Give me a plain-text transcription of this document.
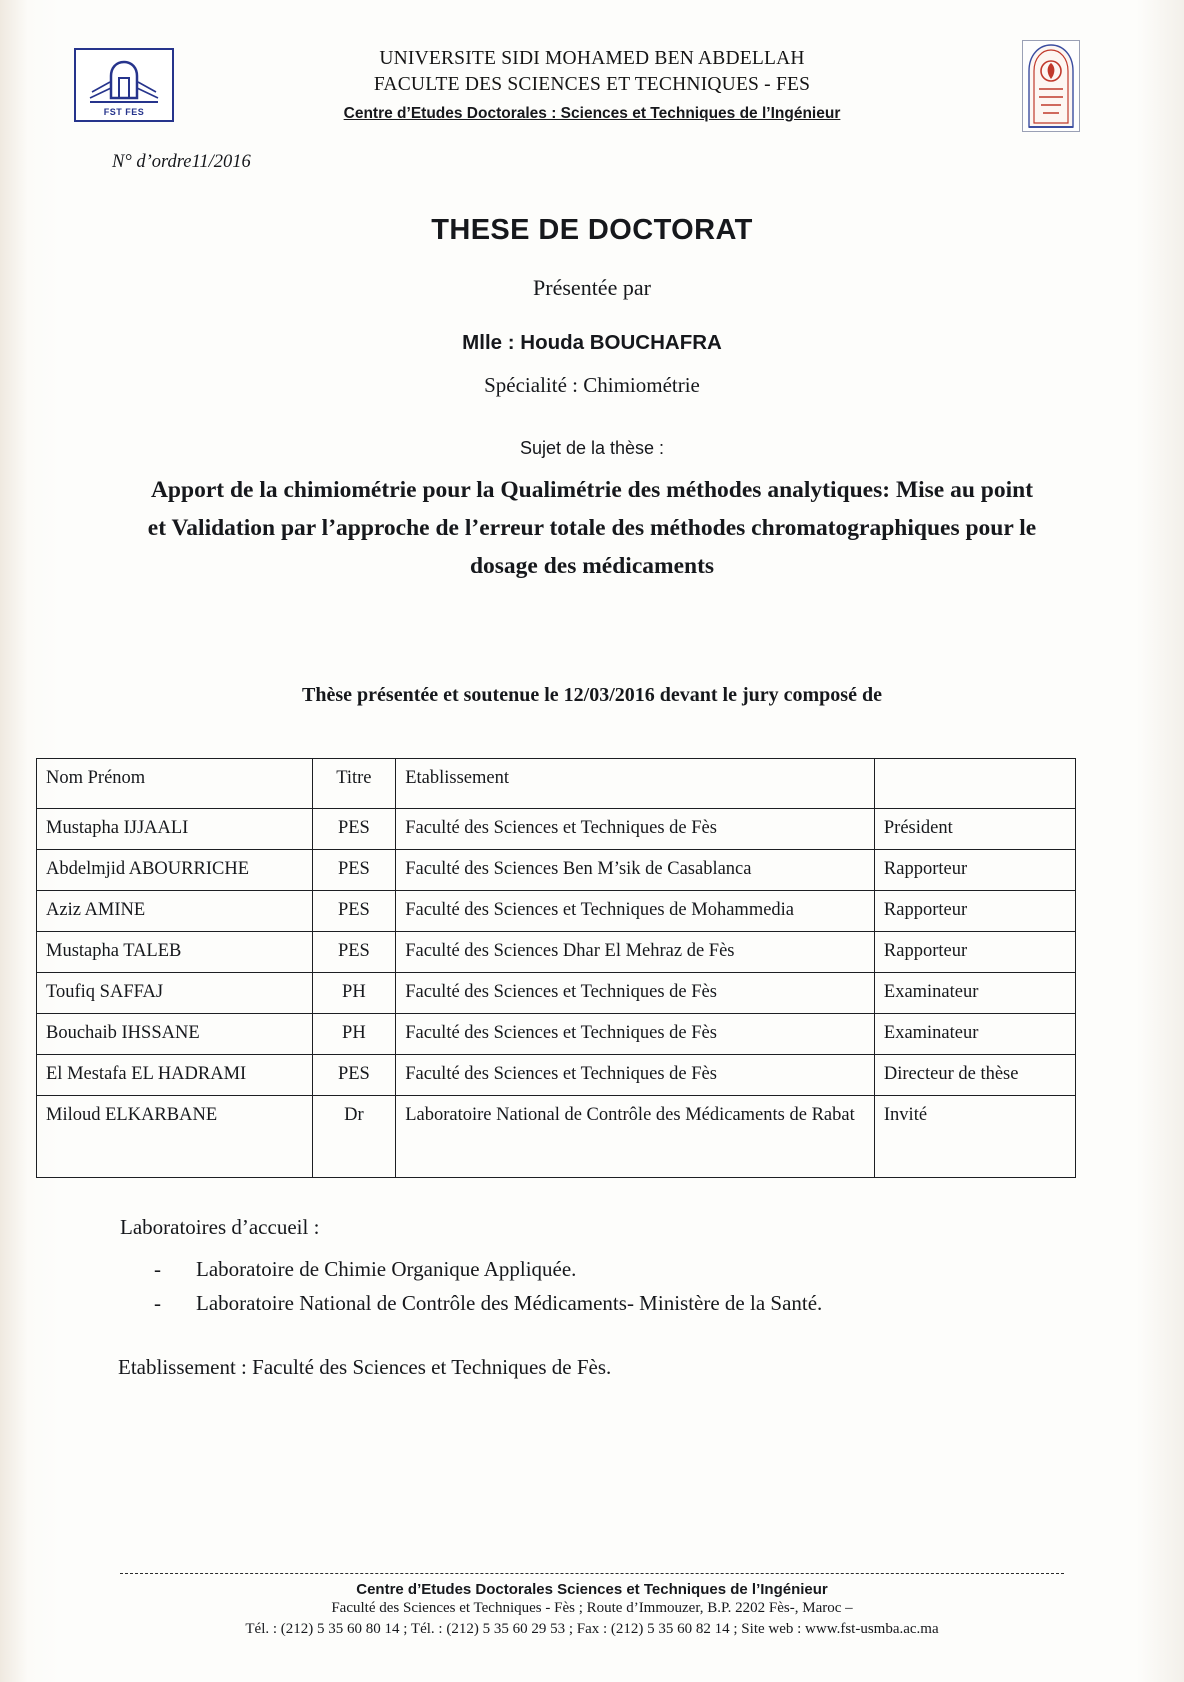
FST FES
UNIVERSITE SIDI MOHAMED BEN ABDELLAH
FACULTE DES SCIENCES ET TECHNIQUES - FES
Centre d’Etudes Doctorales : Sciences et Techniques de l’Ingénieur
N° d’ordre11/2016
THESE DE DOCTORAT
Présentée par
Mlle : Houda BOUCHAFRA
Spécialité : Chimiométrie
Sujet de la thèse :
Apport de la chimiométrie pour la Qualimétrie des méthodes analytiques: Mise au point et Validation par l’approche de l’erreur totale des méthodes chromatographiques pour le dosage des médicaments
Thèse présentée et soutenue le 12/03/2016 devant le jury composé de
Nom Prénom	Titre	Etablissement	
Mustapha IJJAALI	PES	Faculté des Sciences et Techniques de Fès	Président
Abdelmjid ABOURRICHE	PES	Faculté des Sciences Ben M’sik de Casablanca	Rapporteur
Aziz AMINE	PES	Faculté des Sciences et Techniques de Mohammedia	Rapporteur
Mustapha TALEB	PES	Faculté des Sciences Dhar El Mehraz de Fès	Rapporteur
Toufiq SAFFAJ	PH	Faculté des Sciences et Techniques de Fès	Examinateur
Bouchaib IHSSANE	PH	Faculté des Sciences et Techniques de Fès	Examinateur
El Mestafa EL HADRAMI	PES	Faculté des Sciences et Techniques de Fès	Directeur de thèse
Miloud ELKARBANE	Dr	Laboratoire National de Contrôle des Médicaments de Rabat	Invité
Laboratoires d’accueil :
- Laboratoire de Chimie Organique Appliquée.
- Laboratoire National de Contrôle des Médicaments- Ministère de la Santé.
Etablissement : Faculté des Sciences et Techniques de Fès.
Centre d’Etudes Doctorales Sciences et Techniques de l’Ingénieur
Faculté des Sciences et Techniques - Fès ; Route d’Immouzer, B.P. 2202 Fès-, Maroc –
Tél. : (212) 5 35 60 80 14 ; Tél. : (212) 5 35 60 29 53 ; Fax : (212) 5 35 60 82 14 ; Site web : www.fst-usmba.ac.ma
